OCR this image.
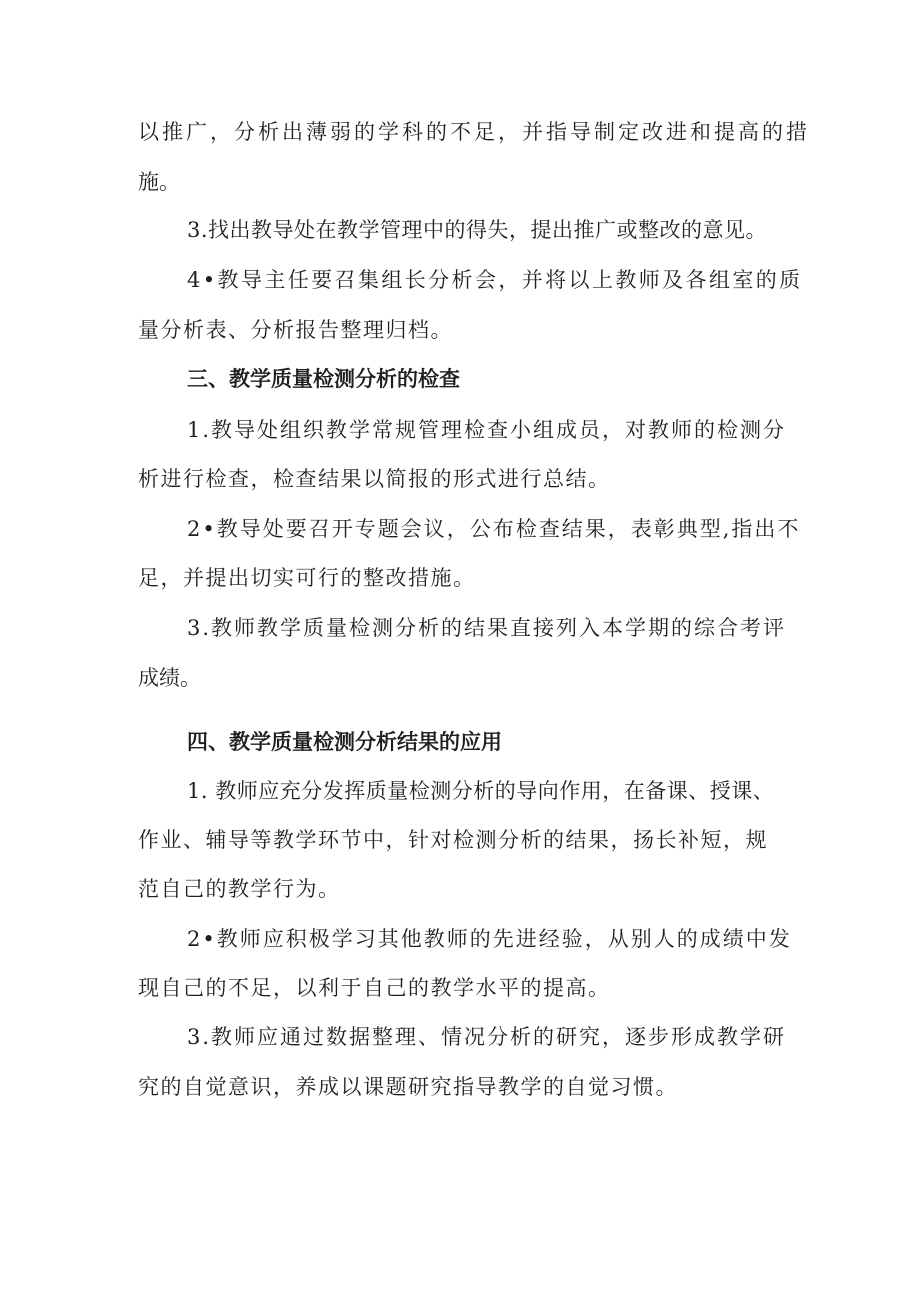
以推广，分析出薄弱的学科的不足，并指导制定改进和提高的措
施。
3.找出教导处在教学管理中的得失，提出推广或整改的意见。
4•教导主任要召集组长分析会，并将以上教师及各组室的质
量分析表、分析报告整理归档。
三、教学质量检测分析的检查
1.教导处组织教学常规管理检查小组成员，对教师的检测分
析进行检查，检查结果以简报的形式进行总结。
2•教导处要召开专题会议，公布检查结果，表彰典型,指出不
足，并提出切实可行的整改措施。
3.教师教学质量检测分析的结果直接列入本学期的综合考评
成绩。
四、教学质量检测分析结果的应用
1. 教师应充分发挥质量检测分析的导向作用，在备课、授课、
作业、辅导等教学环节中，针对检测分析的结果，扬长补短，规
范自己的教学行为。
2•教师应积极学习其他教师的先进经验，从别人的成绩中发
现自己的不足，以利于自己的教学水平的提高。
3.教师应通过数据整理、情况分析的研究，逐步形成教学研
究的自觉意识，养成以课题研究指导教学的自觉习惯。
